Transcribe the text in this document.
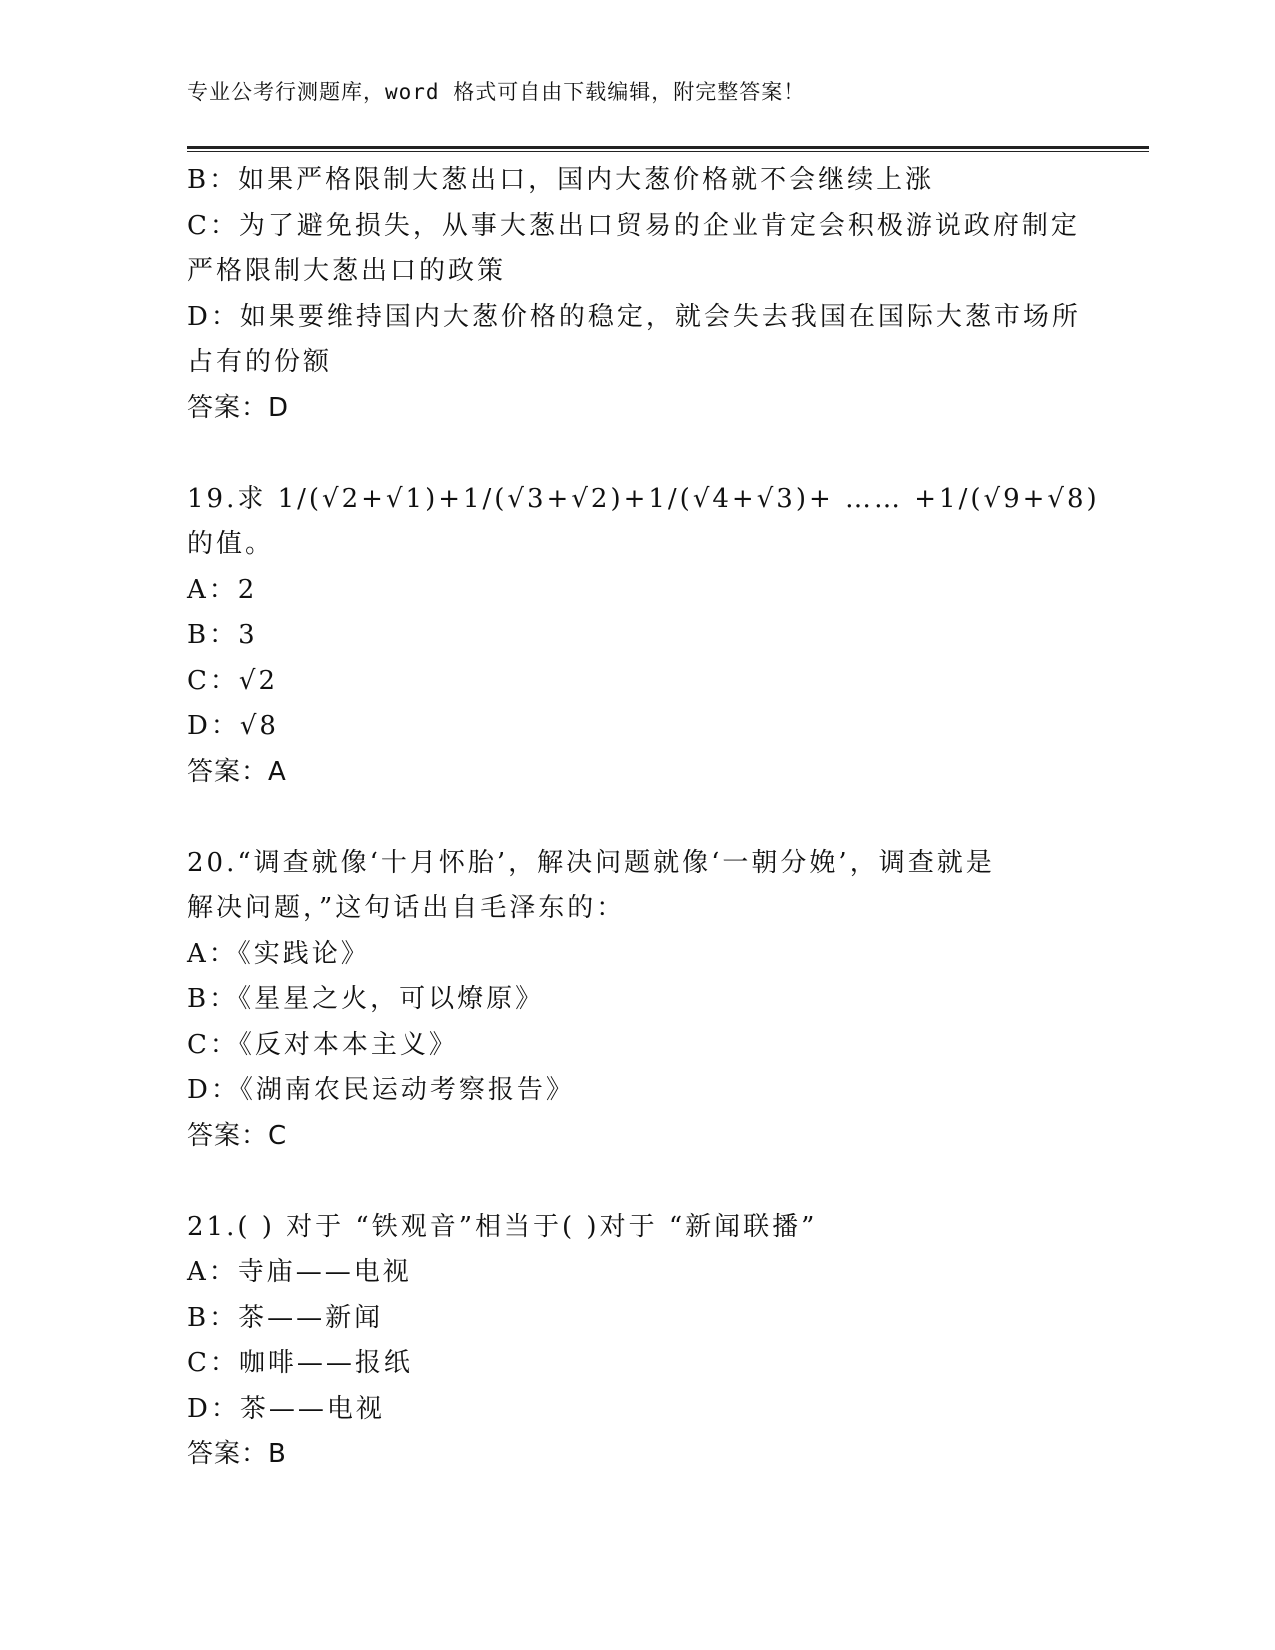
专业公考行测题库，word 格式可自由下载编辑，附完整答案！
B：如果严格限制大葱出口，国内大葱价格就不会继续上涨
C：为了避免损失，从事大葱出口贸易的企业肯定会积极游说政府制定
严格限制大葱出口的政策
D：如果要维持国内大葱价格的稳定，就会失去我国在国际大葱市场所
占有的份额
答案：D
19.求 1/(√2+√1)+1/(√3+√2)+1/(√4+√3)+ …… +1/(√9+√8)
的值。
A：2
B：3
C：√2
D：√8
答案：A
20.“调查就像‘十月怀胎’，解决问题就像‘一朝分娩’，调查就是
解决问题，”这句话出自毛泽东的：
A：《实践论》
B：《星星之火，可以燎原》
C：《反对本本主义》
D：《湖南农民运动考察报告》
答案：C
21.( ) 对于 “铁观音”相当于( )对于 “新闻联播”
A：寺庙——电视
B：茶——新闻
C：咖啡——报纸
D：茶——电视
答案：B
